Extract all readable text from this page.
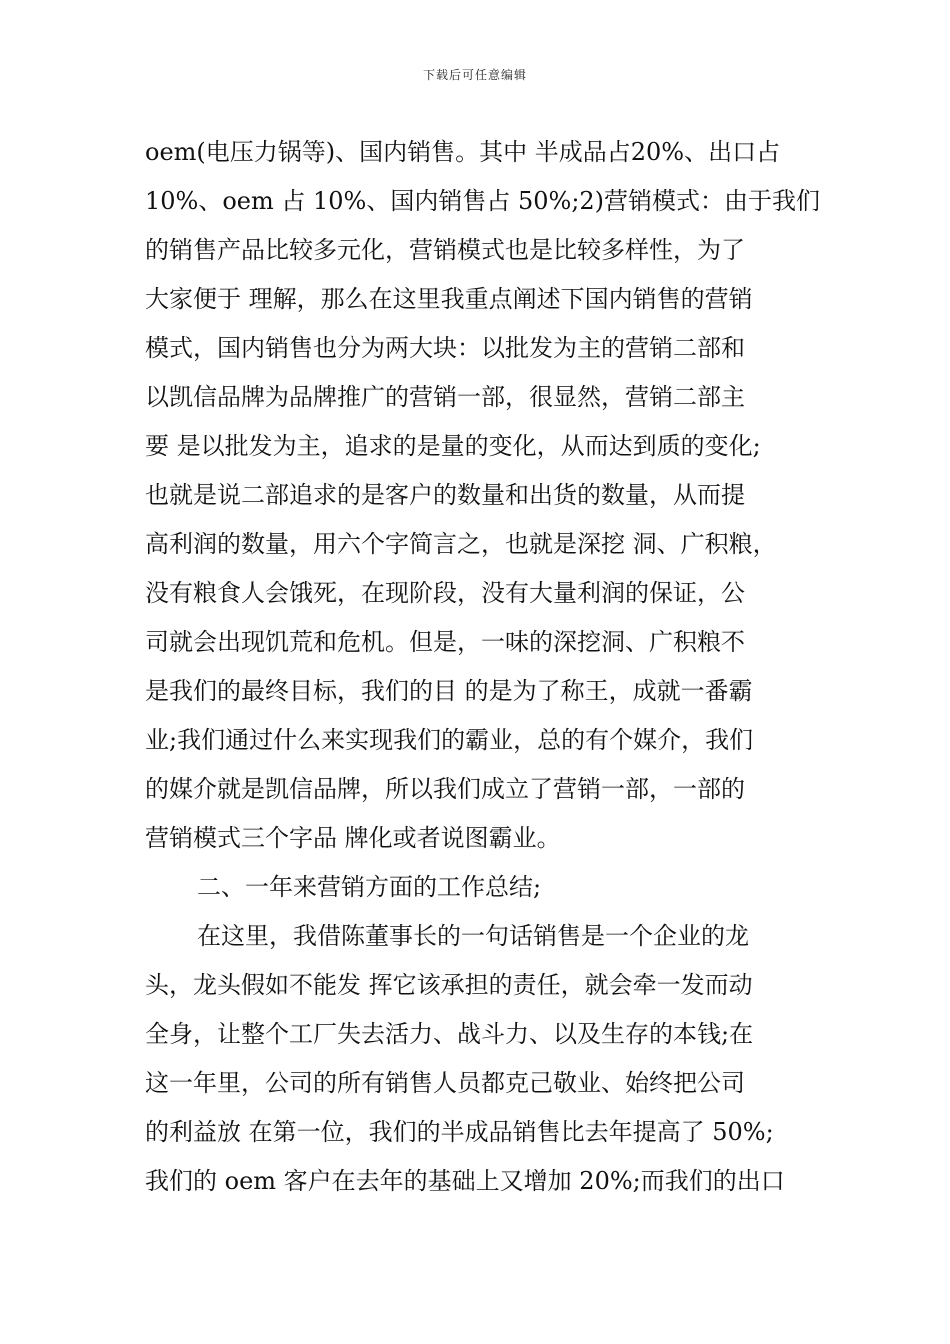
下载后可任意编辑
oem(电压力锅等)、国内销售。其中 半成品占20%、出口占
10%、oem 占 10%、国内销售占 50%;2)营销模式：由于我们
的销售产品比较多元化，营销模式也是比较多样性，为了
大家便于 理解，那么在这里我重点阐述下国内销售的营销
模式，国内销售也分为两大块：以批发为主的营销二部和
以凯信品牌为品牌推广的营销一部，很显然，营销二部主
要 是以批发为主，追求的是量的变化，从而达到质的变化;
也就是说二部追求的是客户的数量和出货的数量，从而提
高利润的数量，用六个字简言之，也就是深挖 洞、广积粮，
没有粮食人会饿死，在现阶段，没有大量利润的保证，公
司就会出现饥荒和危机。但是，一味的深挖洞、广积粮不
是我们的最终目标，我们的目 的是为了称王，成就一番霸
业;我们通过什么来实现我们的霸业，总的有个媒介，我们
的媒介就是凯信品牌，所以我们成立了营销一部，一部的
营销模式三个字品 牌化或者说图霸业。
二、一年来营销方面的工作总结;
在这里，我借陈董事长的一句话销售是一个企业的龙
头，龙头假如不能发 挥它该承担的责任，就会牵一发而动
全身，让整个工厂失去活力、战斗力、以及生存的本钱;在
这一年里，公司的所有销售人员都克己敬业、始终把公司
的利益放 在第一位，我们的半成品销售比去年提高了 50%;
我们的 oem 客户在去年的基础上又增加 20%;而我们的出口
